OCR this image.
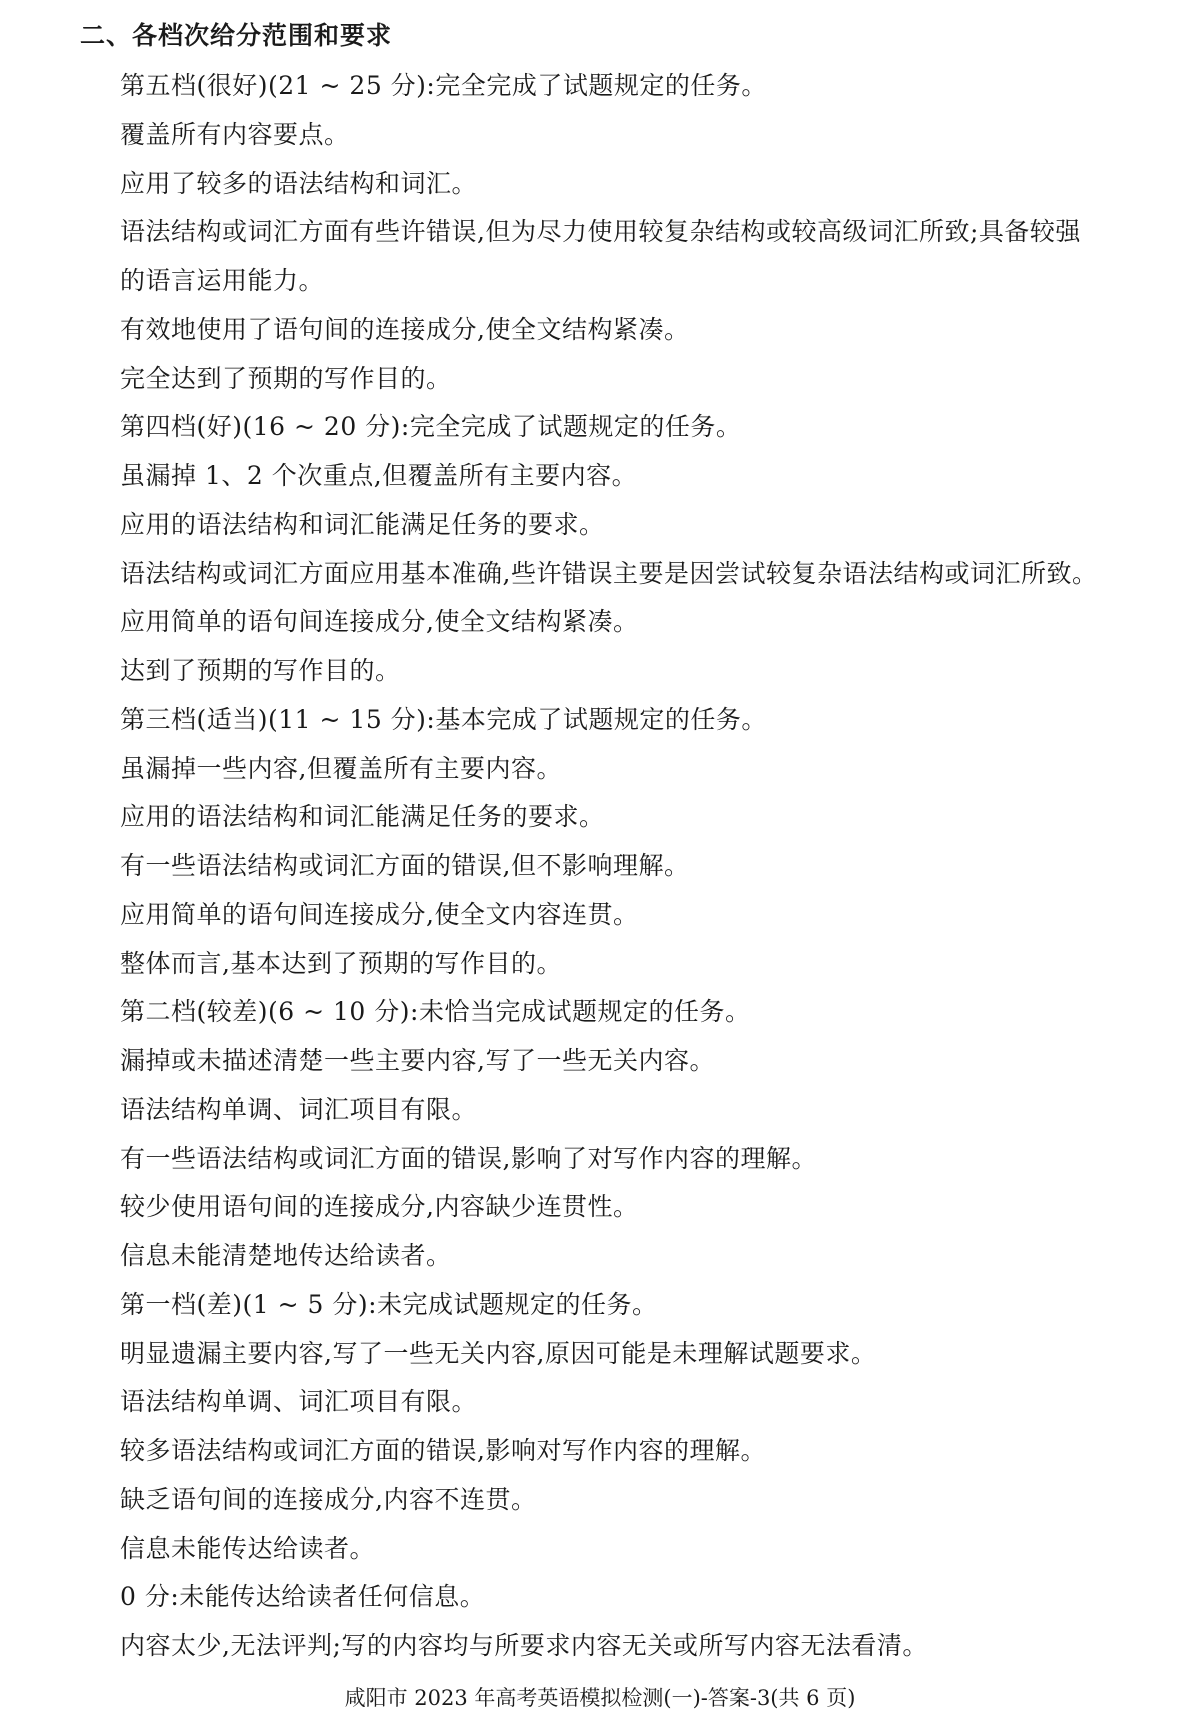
二、各档次给分范围和要求
第五档(很好)(21 ~ 25 分):完全完成了试题规定的任务。
覆盖所有内容要点。
应用了较多的语法结构和词汇。
语法结构或词汇方面有些许错误,但为尽力使用较复杂结构或较高级词汇所致;具备较强
的语言运用能力。
有效地使用了语句间的连接成分,使全文结构紧凑。
完全达到了预期的写作目的。
第四档(好)(16 ~ 20 分):完全完成了试题规定的任务。
虽漏掉 1、2 个次重点,但覆盖所有主要内容。
应用的语法结构和词汇能满足任务的要求。
语法结构或词汇方面应用基本准确,些许错误主要是因尝试较复杂语法结构或词汇所致。
应用简单的语句间连接成分,使全文结构紧凑。
达到了预期的写作目的。
第三档(适当)(11 ~ 15 分):基本完成了试题规定的任务。
虽漏掉一些内容,但覆盖所有主要内容。
应用的语法结构和词汇能满足任务的要求。
有一些语法结构或词汇方面的错误,但不影响理解。
应用简单的语句间连接成分,使全文内容连贯。
整体而言,基本达到了预期的写作目的。
第二档(较差)(6 ~ 10 分):未恰当完成试题规定的任务。
漏掉或未描述清楚一些主要内容,写了一些无关内容。
语法结构单调、词汇项目有限。
有一些语法结构或词汇方面的错误,影响了对写作内容的理解。
较少使用语句间的连接成分,内容缺少连贯性。
信息未能清楚地传达给读者。
第一档(差)(1 ~ 5 分):未完成试题规定的任务。
明显遗漏主要内容,写了一些无关内容,原因可能是未理解试题要求。
语法结构单调、词汇项目有限。
较多语法结构或词汇方面的错误,影响对写作内容的理解。
缺乏语句间的连接成分,内容不连贯。
信息未能传达给读者。
0 分:未能传达给读者任何信息。
内容太少,无法评判;写的内容均与所要求内容无关或所写内容无法看清。
咸阳市 2023 年高考英语模拟检测(一)-答案-3(共 6 页)
